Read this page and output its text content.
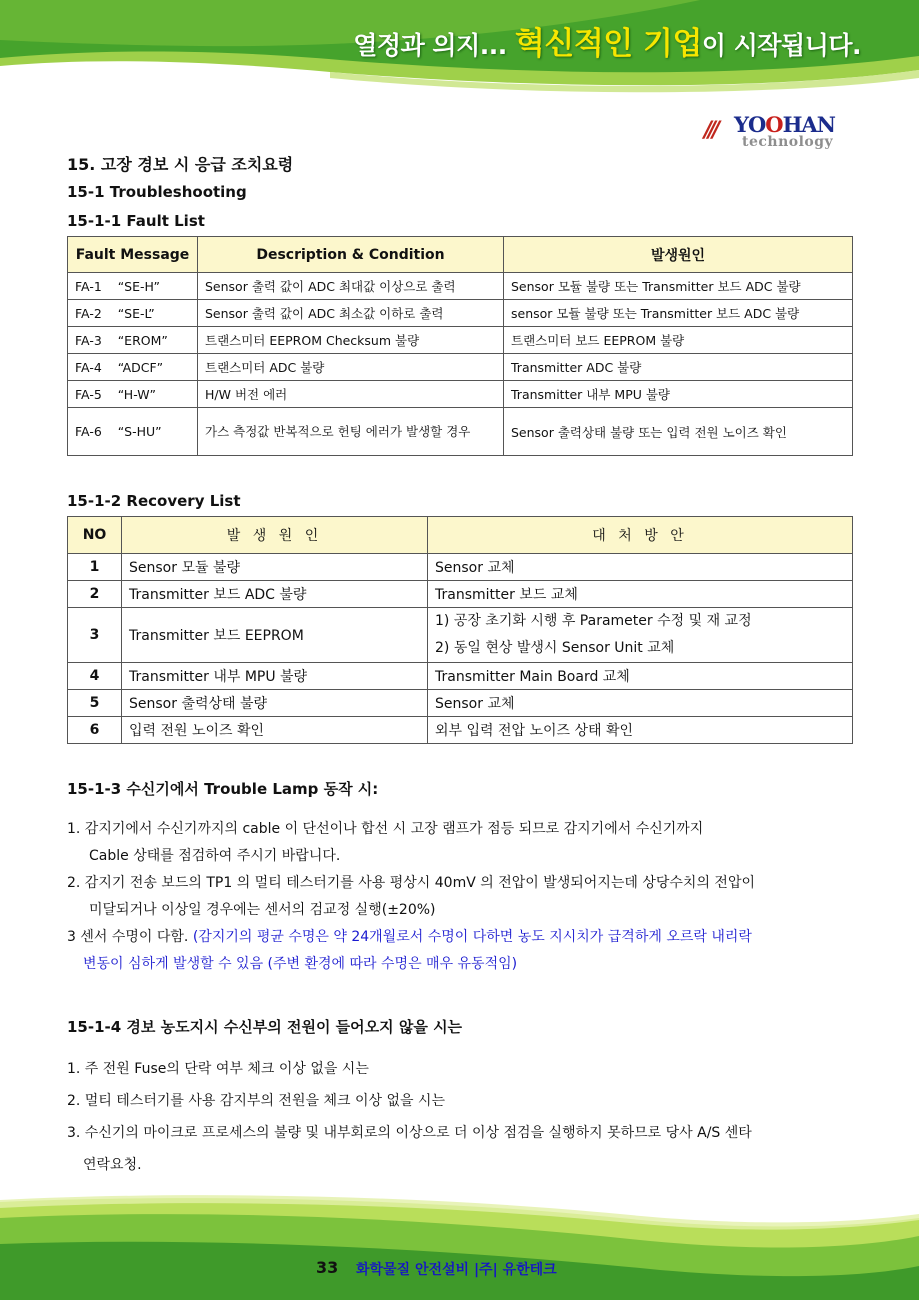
열정과 의지... 혁신적인 기업이 시작됩니다.
/// YOOHAN
technology
15. 고장 경보 시 응급 조치요령
15-1 Troubleshooting
15-1-1 Fault List
Fault Message	Description & Condition	발생원인
FA-1 “SE-H”	Sensor 출력 값이 ADC 최대값 이상으로 출력	Sensor 모듈 불량 또는 Transmitter 보드 ADC 불량
FA-2 “SE-L”	Sensor 출력 값이 ADC 최소값 이하로 출력	sensor 모듈 불량 또는 Transmitter 보드 ADC 불량
FA-3 “EROM”	트랜스미터 EEPROM Checksum 불량	트랜스미터 보드 EEPROM 불량
FA-4 “ADCF”	트랜스미터 ADC 불량	Transmitter ADC 불량
FA-5 “H-W”	H/W 버전 에러	Transmitter 내부 MPU 불량
FA-6 “S-HU”	가스 측정값 반복적으로 헌팅 에러가 발생할 경우	Sensor 출력상태 불량 또는 입력 전원 노이즈 확인
15-1-2 Recovery List
NO	발 생 원 인	대 처 방 안
1	Sensor 모듈 불량	Sensor 교체
2	Transmitter 보드 ADC 불량	Transmitter 보드 교체
3	Transmitter 보드 EEPROM	1) 공장 초기화 시행 후 Parameter 수정 및 재 교정
2) 동일 현상 발생시 Sensor Unit 교체

4	Transmitter 내부 MPU 불량	Transmitter Main Board 교체
5	Sensor 출력상태 불량	Sensor 교체
6	입력 전원 노이즈 확인	외부 입력 전압 노이즈 상태 확인
15-1-3 수신기에서 Trouble Lamp 동작 시:
1. 감지기에서 수신기까지의 cable 이 단선이나 합선 시 고장 램프가 점등 되므로 감지기에서 수신기까지
Cable 상태를 점검하여 주시기 바랍니다.
2. 감지기 전송 보드의 TP1 의 멀티 테스터기를 사용 평상시 40mV 의 전압이 발생되어지는데 상당수치의 전압이
미달되거나 이상일 경우에는 센서의 검교정 실행(±20%)
3 센서 수명이 다함. (감지기의 평균 수명은 약 24개월로서 수명이 다하면 농도 지시치가 급격하게 오르락 내리락
변동이 심하게 발생할 수 있음 (주변 환경에 따라 수명은 매우 유동적임)
15-1-4 경보 농도지시 수신부의 전원이 들어오지 않을 시는
1. 주 전원 Fuse의 단락 여부 체크 이상 없을 시는
2. 멀티 테스터기를 사용 감지부의 전원을 체크 이상 없을 시는
3. 수신기의 마이크로 프로세스의 불량 및 내부회로의 이상으로 더 이상 점검을 실행하지 못하므로 당사 A/S 센타
연락요청.
33 화학물질 안전설비 |주| 유한테크
